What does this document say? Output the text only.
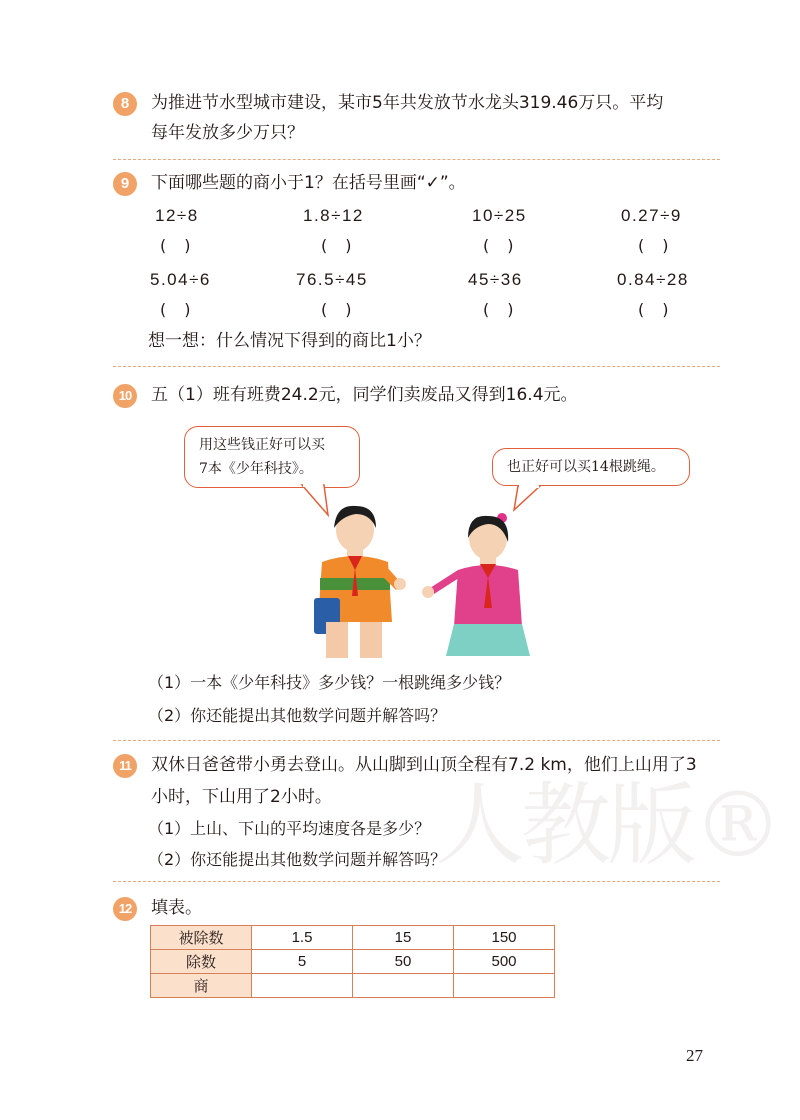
人教版®
8	为推进节水型城市建设，某市5年共发放节水龙头319.46万只。平均
每年发放多少万只？
9	下面哪些题的商小于1？在括号里画“✓”。
12÷8	1.8÷12	10÷25	0.27÷9
()	()	()	()
5.04÷6	76.5÷45	45÷36	0.84÷28
()	()	()	()
想一想：什么情况下得到的商比1小？
10	五（1）班有班费24.2元，同学们卖废品又得到16.4元。
用这些钱正好可以买
7本《少年科技》。	也正好可以买14根跳绳。
（1）一本《少年科技》多少钱？一根跳绳多少钱？
（2）你还能提出其他数学问题并解答吗？
11	双休日爸爸带小勇去登山。从山脚到山顶全程有7.2 km，他们上山用了3
小时，下山用了2小时。
（1）上山、下山的平均速度各是多少？
（2）你还能提出其他数学问题并解答吗？
12	填表。
被除数	1.5	15	150
除数	5	50	500
商			
27
